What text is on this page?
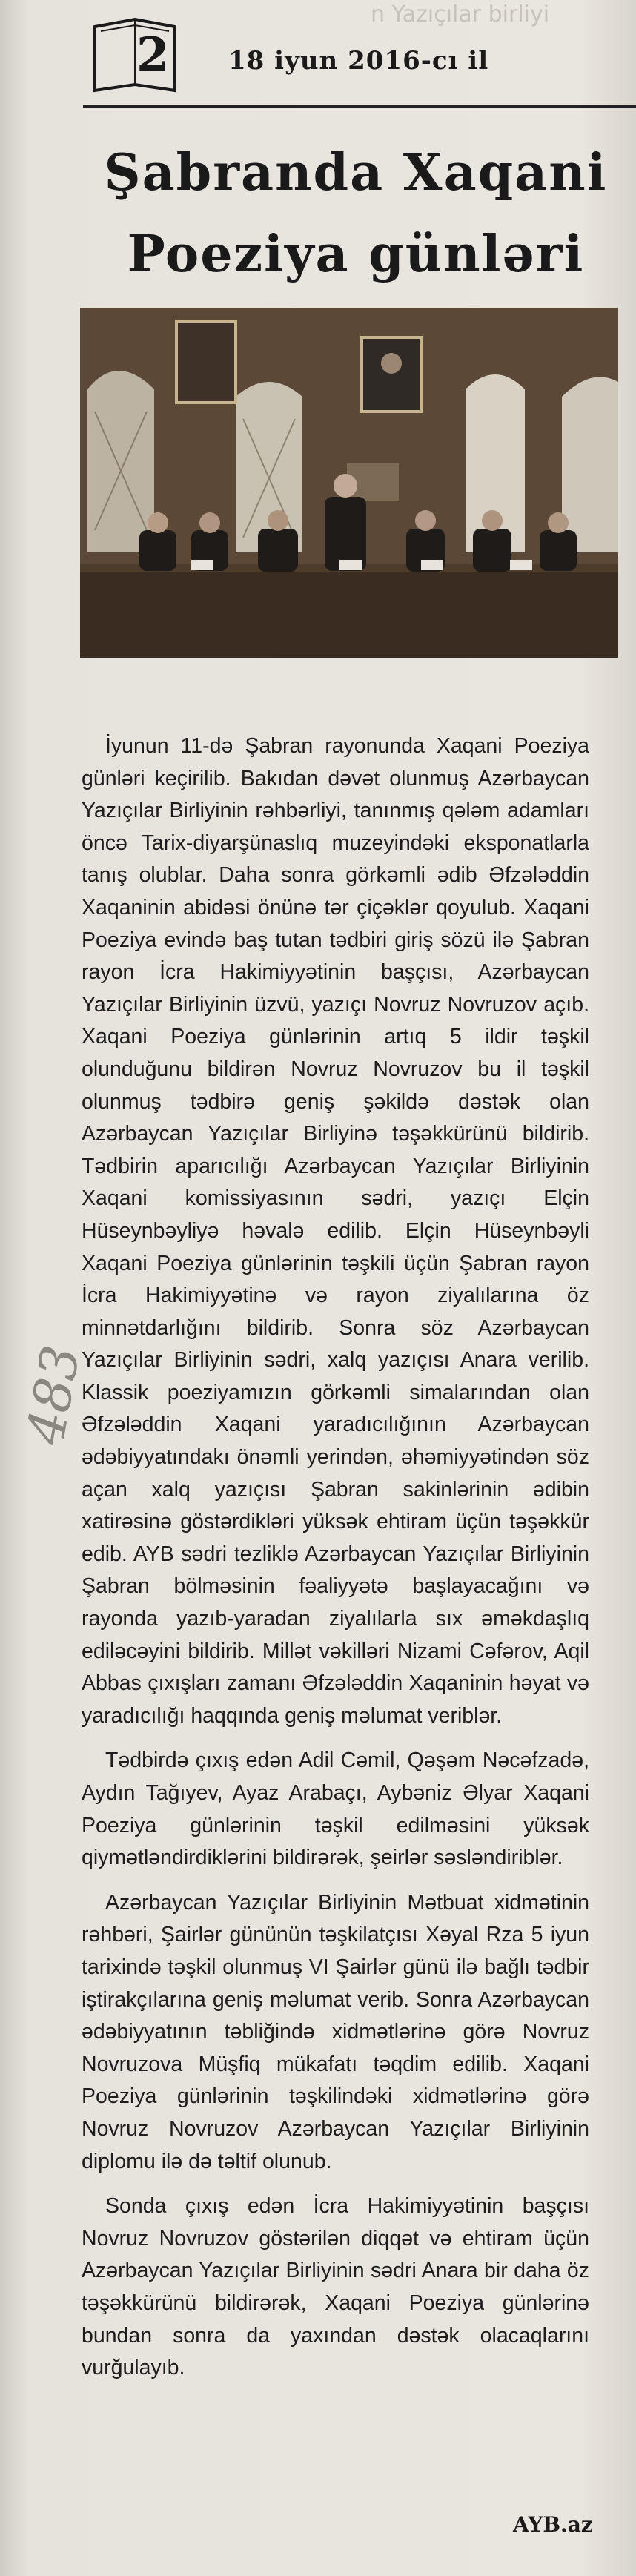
n Yazıçılar birliyi
2 18 iyun 2016-cı il
Şabranda Xaqani
Poeziya günləri

İyunun 11-də Şabran rayonunda Xaqani Poeziya günləri keçirilib. Bakıdan dəvət olunmuş Azərbaycan Yazıçılar Birliyinin rəhbərliyi, tanınmış qələm adamları öncə Tarix-diyarşünaslıq muzeyindəki eksponatlarla tanış olublar. Daha sonra görkəmli ədib Əfzələddin Xaqaninin abidəsi önünə tər çiçəklər qoyulub. Xaqani Poeziya evində baş tutan tədbiri giriş sözü ilə Şabran rayon İcra Hakimiyyətinin başçısı, Azərbaycan Yazıçılar Birliyinin üzvü, yazıçı Novruz Novruzov açıb. Xaqani Poeziya günlərinin artıq 5 ildir təşkil olunduğunu bildirən Novruz Novruzov bu il təşkil olunmuş tədbirə geniş şəkildə dəstək olan Azərbaycan Yazıçılar Birliyinə təşəkkürünü bildirib. Tədbirin aparıcılığı Azərbaycan Yazıçılar Birliyinin Xaqani komissiyasının sədri, yazıçı Elçin Hüseynbəyliyə həvalə edilib. Elçin Hüseynbəyli Xaqani Poeziya günlərinin təşkili üçün Şabran rayon İcra Hakimiyyətinə və rayon ziyalılarına öz minnətdarlığını bildirib. Sonra söz Azərbaycan Yazıçılar Birliyinin sədri, xalq yazıçısı Anara verilib. Klassik poeziyamızın görkəmli simalarından olan Əfzələddin Xaqani yaradıcılığının Azərbaycan ədəbiyyatındakı önəmli yerindən, əhəmiyyətindən söz açan xalq yazıçısı Şabran sakinlərinin ədibin xatirəsinə göstərdikləri yüksək ehtiram üçün təşəkkür edib. AYB sədri tezliklə Azərbaycan Yazıçılar Birliyinin Şabran bölməsinin fəaliyyətə başlayacağını və rayonda yazıb-yaradan ziyalılarla sıx əməkdaşlıq ediləcəyini bildirib. Millət vəkilləri Nizami Cəfərov, Aqil Abbas çıxışları zamanı Əfzələddin Xaqaninin həyat və yaradıcılığı haqqında geniş məlumat veriblər.

Tədbirdə çıxış edən Adil Cəmil, Qəşəm Nəcəfzadə, Aydın Tağıyev, Ayaz Arabaçı, Aybəniz Əlyar Xaqani Poeziya günlərinin təşkil edilməsini yüksək qiymətləndirdiklərini bildirərək, şeirlər səsləndiriblər.

Azərbaycan Yazıçılar Birliyinin Mətbuat xidmətinin rəhbəri, Şairlər gününün təşkilatçısı Xəyal Rza 5 iyun tarixində təşkil olunmuş VI Şairlər günü ilə bağlı tədbir iştirakçılarına geniş məlumat verib. Sonra Azərbaycan ədəbiyyatının təbliğində xidmətlərinə görə Novruz Novruzova Müşfiq mükafatı təqdim edilib. Xaqani Poeziya günlərinin təşkilindəki xidmətlərinə görə Novruz Novruzov Azərbaycan Yazıçılar Birliyinin diplomu ilə də təltif olunub.

Sonda çıxış edən İcra Hakimiyyətinin başçısı Novruz Novruzov göstərilən diqqət və ehtiram üçün Azərbaycan Yazıçılar Birliyinin sədri Anara bir daha öz təşəkkürünü bildirərək, Xaqani Poeziya günlərinə bundan sonra da yaxından dəstək olacaqlarını vurğulayıb.

483
AYB.az
